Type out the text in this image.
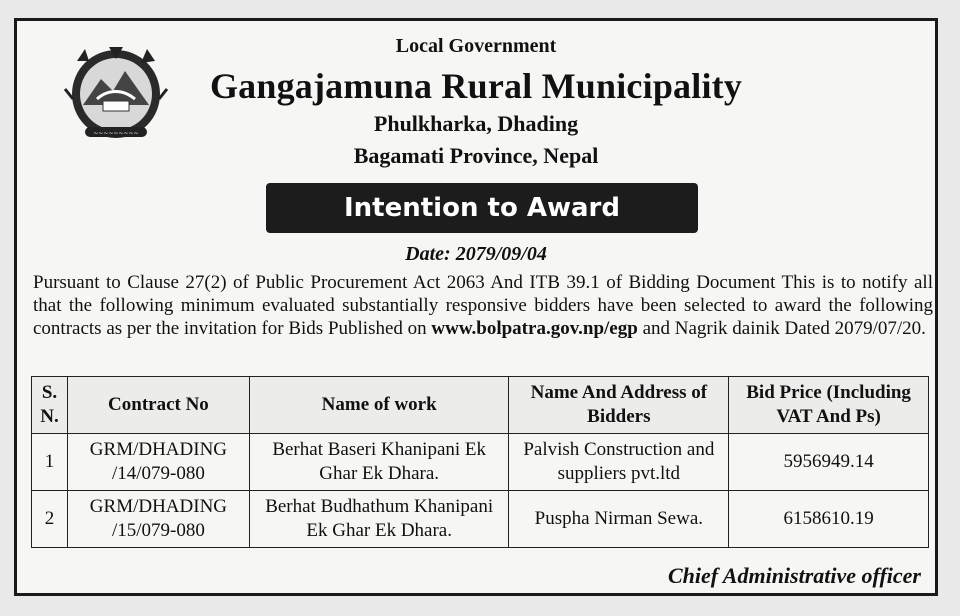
~~~~~~~~~
Local Government
Gangajamuna Rural Municipality
Phulkharka, Dhading
Bagamati Province, Nepal
Intention to Award
Date: 2079/09/04
Pursuant to Clause 27(2) of Public Procurement Act 2063 And ITB 39.1 of Bidding Document This is to notify all that the following minimum evaluated substantially responsive bidders have been selected to award the following contracts as per the invitation for Bids Published on www.bolpatra.gov.np/egp and Nagrik dainik Dated 2079/07/20.
S. N.	Contract No	Name of work	Name And Address of Bidders	Bid Price (Including VAT And Ps)
1	GRM/DHADING /14/079-080	Berhat Baseri Khanipani Ek Ghar Ek Dhara.	Palvish Construction and suppliers pvt.ltd	5956949.14
2	GRM/DHADING /15/079-080	Berhat Budhathum Khanipani Ek Ghar Ek Dhara.	Puspha Nirman Sewa.	6158610.19
Chief Administrative officer
